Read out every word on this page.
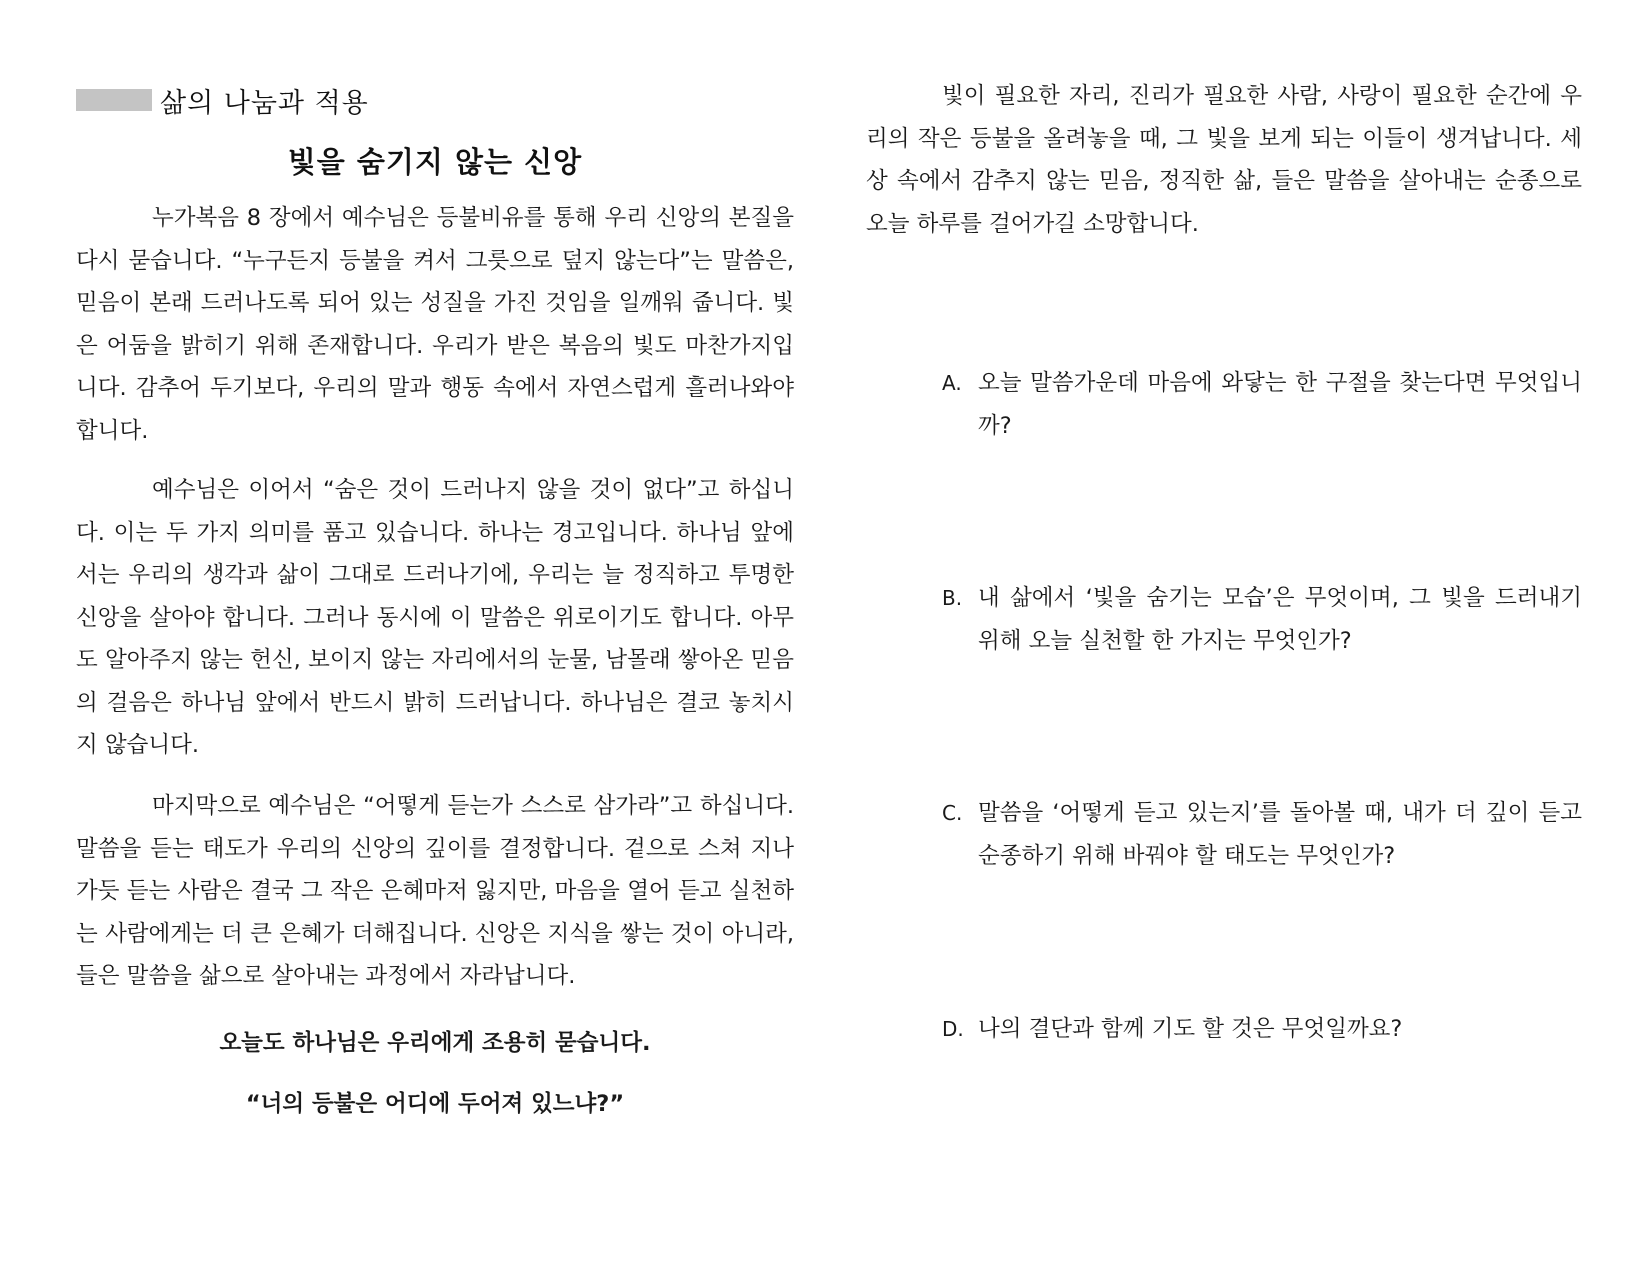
삶의 나눔과 적용
빛을 숨기지 않는 신앙

누가복음 8 장에서 예수님은 등불비유를 통해 우리 신앙의 본질을 다시 묻습니다. “누구든지 등불을 켜서 그릇으로 덮지 않는다”는 말씀은, 믿음이 본래 드러나도록 되어 있는 성질을 가진 것임을 일깨워 줍니다. 빛은 어둠을 밝히기 위해 존재합니다. 우리가 받은 복음의 빛도 마찬가지입니다. 감추어 두기보다, 우리의 말과 행동 속에서 자연스럽게 흘러나와야 합니다.

예수님은 이어서 “숨은 것이 드러나지 않을 것이 없다”고 하십니다. 이는 두 가지 의미를 품고 있습니다. 하나는 경고입니다. 하나님 앞에서는 우리의 생각과 삶이 그대로 드러나기에, 우리는 늘 정직하고 투명한 신앙을 살아야 합니다. 그러나 동시에 이 말씀은 위로이기도 합니다. 아무도 알아주지 않는 헌신, 보이지 않는 자리에서의 눈물, 남몰래 쌓아온 믿음의 걸음은 하나님 앞에서 반드시 밝히 드러납니다. 하나님은 결코 놓치시지 않습니다.

마지막으로 예수님은 “어떻게 듣는가 스스로 삼가라”고 하십니다. 말씀을 듣는 태도가 우리의 신앙의 깊이를 결정합니다. 겉으로 스쳐 지나가듯 듣는 사람은 결국 그 작은 은혜마저 잃지만, 마음을 열어 듣고 실천하는 사람에게는 더 큰 은혜가 더해집니다. 신앙은 지식을 쌓는 것이 아니라, 들은 말씀을 삶으로 살아내는 과정에서 자라납니다.

오늘도 하나님은 우리에게 조용히 묻습니다.

“너의 등불은 어디에 두어져 있느냐?”

빛이 필요한 자리, 진리가 필요한 사람, 사랑이 필요한 순간에 우리의 작은 등불을 올려놓을 때, 그 빛을 보게 되는 이들이 생겨납니다. 세상 속에서 감추지 않는 믿음, 정직한 삶, 들은 말씀을 살아내는 순종으로 오늘 하루를 걸어가길 소망합니다.

A. 오늘 말씀가운데 마음에 와닿는 한 구절을 찾는다면 무엇입니까?
B. 내 삶에서 ‘빛을 숨기는 모습’은 무엇이며, 그 빛을 드러내기 위해 오늘 실천할 한 가지는 무엇인가?
C. 말씀을 ‘어떻게 듣고 있는지’를 돌아볼 때, 내가 더 깊이 듣고 순종하기 위해 바꿔야 할 태도는 무엇인가?
D. 나의 결단과 함께 기도 할 것은 무엇일까요?
